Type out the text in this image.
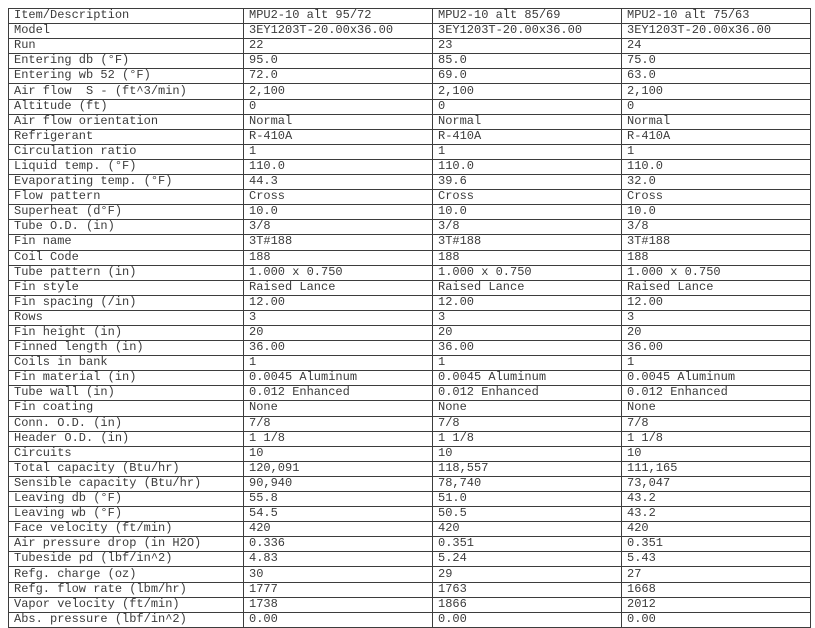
Item/Description	MPU2-10 alt 95/72	MPU2-10 alt 85/69	MPU2-10 alt 75/63
Model	3EY1203T-20.00x36.00	3EY1203T-20.00x36.00	3EY1203T-20.00x36.00
Run	22	23	24
Entering db (°F)	95.0	85.0	75.0
Entering wb 52 (°F)	72.0	69.0	63.0
Air flow  S - (ft^3/min)	2,100	2,100	2,100
Altitude (ft)	0	0	0
Air flow orientation	Normal	Normal	Normal
Refrigerant	R-410A	R-410A	R-410A
Circulation ratio	1	1	1
Liquid temp. (°F)	110.0	110.0	110.0
Evaporating temp. (°F)	44.3	39.6	32.0
Flow pattern	Cross	Cross	Cross
Superheat (d°F)	10.0	10.0	10.0
Tube O.D. (in)	3/8	3/8	3/8
Fin name	3T#188	3T#188	3T#188
Coil Code	188	188	188
Tube pattern (in)	1.000 x 0.750	1.000 x 0.750	1.000 x 0.750
Fin style	Raised Lance	Raised Lance	Raised Lance
Fin spacing (/in)	12.00	12.00	12.00
Rows	3	3	3
Fin height (in)	20	20	20
Finned length (in)	36.00	36.00	36.00
Coils in bank	1	1	1
Fin material (in)	0.0045 Aluminum	0.0045 Aluminum	0.0045 Aluminum
Tube wall (in)	0.012 Enhanced	0.012 Enhanced	0.012 Enhanced
Fin coating	None	None	None
Conn. O.D. (in)	7/8	7/8	7/8
Header O.D. (in)	1 1/8	1 1/8	1 1/8
Circuits	10	10	10
Total capacity (Btu/hr)	120,091	118,557	111,165
Sensible capacity (Btu/hr)	90,940	78,740	73,047
Leaving db (°F)	55.8	51.0	43.2
Leaving wb (°F)	54.5	50.5	43.2
Face velocity (ft/min)	420	420	420
Air pressure drop (in H2O)	0.336	0.351	0.351
Tubeside pd (lbf/in^2)	4.83	5.24	5.43
Refg. charge (oz)	30	29	27
Refg. flow rate (lbm/hr)	1777	1763	1668
Vapor velocity (ft/min)	1738	1866	2012
Abs. pressure (lbf/in^2)	0.00	0.00	0.00
